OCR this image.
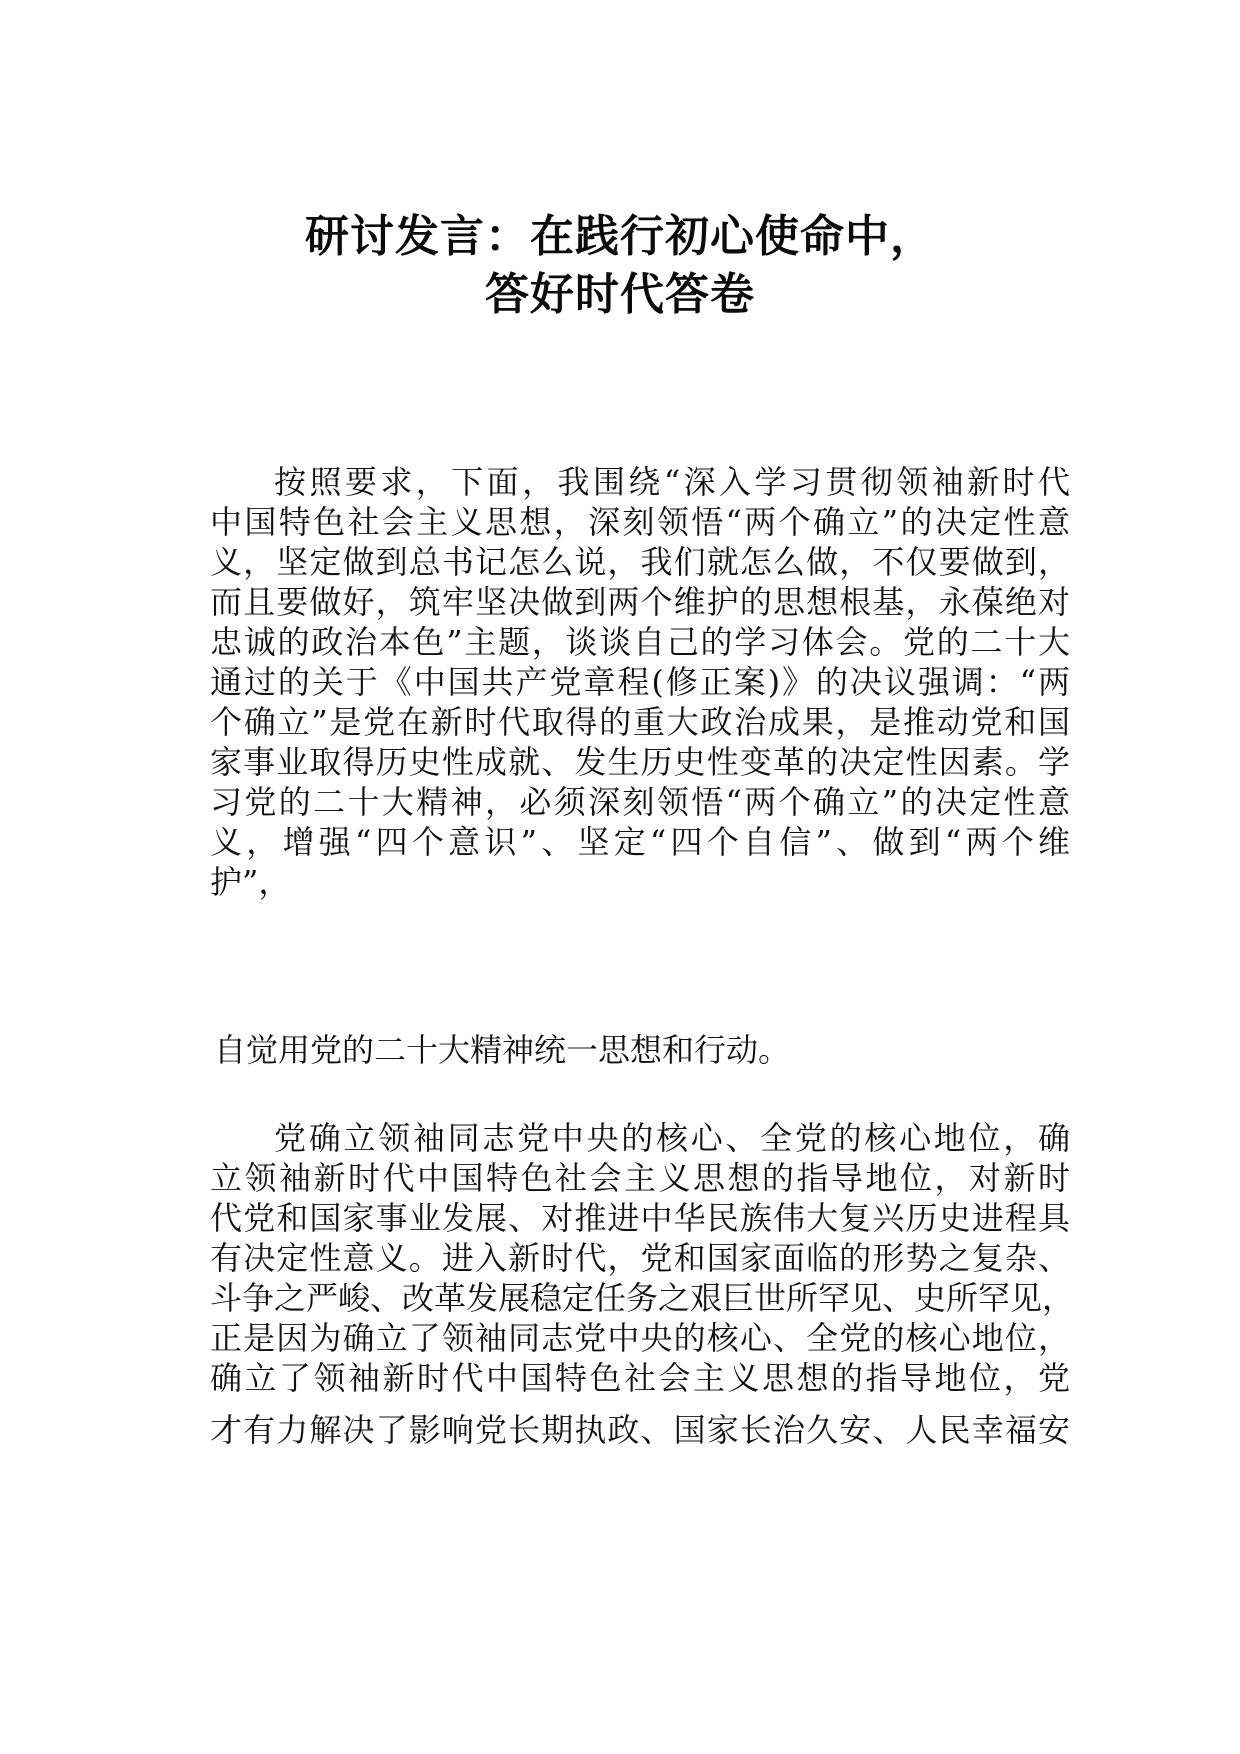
研讨发言：在践行初心使命中，
答好时代答卷
按照要求，下面，我围绕“深入学习贯彻领袖新时代
中国特色社会主义思想，深刻领悟“两个确立”的决定性意
义，坚定做到总书记怎么说，我们就怎么做，不仅要做到，
而且要做好，筑牢坚决做到两个维护的思想根基，永葆绝对
忠诚的政治本色”主题，谈谈自己的学习体会。党的二十大
通过的关于《中国共产党章程(修正案)》的决议强调：“两
个确立”是党在新时代取得的重大政治成果，是推动党和国
家事业取得历史性成就、发生历史性变革的决定性因素。学
习党的二十大精神，必须深刻领悟“两个确立”的决定性意
义，增强“四个意识”、坚定“四个自信”、做到“两个维
护”，
自觉用党的二十大精神统一思想和行动。
党确立领袖同志党中央的核心、全党的核心地位，确
立领袖新时代中国特色社会主义思想的指导地位，对新时
代党和国家事业发展、对推进中华民族伟大复兴历史进程具
有决定性意义。进入新时代，党和国家面临的形势之复杂、
斗争之严峻、改革发展稳定任务之艰巨世所罕见、史所罕见，
正是因为确立了领袖同志党中央的核心、全党的核心地位，
确立了领袖新时代中国特色社会主义思想的指导地位，党
才有力解决了影响党长期执政、国家长治久安、人民幸福安
